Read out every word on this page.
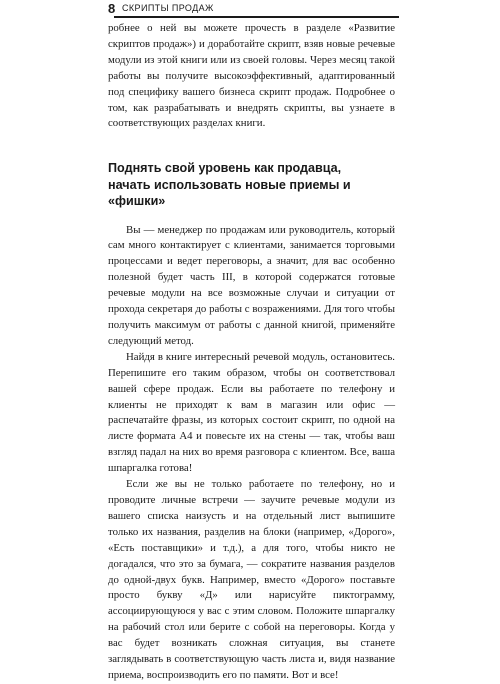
8 СКРИПТЫ ПРОДАЖ

робнее о ней вы можете прочесть в разделе «Развитие скриптов продаж») и доработайте скрипт, взяв новые речевые модули из этой книги или из своей головы. Через месяц такой работы вы получите высокоэффективный, адаптированный под специфику вашего бизнеса скрипт продаж. Подробнее о том, как разрабатывать и внедрять скрипты, вы узнаете в соответствующих разделах книги.

Поднять свой уровень как продавца,
начать использовать новые приемы и «фишки»

Вы — менеджер по продажам или руководитель, который сам много контактирует с клиентами, занимается торговыми процессами и ведет переговоры, а значит, для вас особенно полезной будет часть III, в которой содержатся готовые речевые модули на все возможные случаи и ситуации от прохода секретаря до работы с возражениями. Для того чтобы получить максимум от работы с данной книгой, применяйте следующий метод.

Найдя в книге интересный речевой модуль, остановитесь. Перепишите его таким образом, чтобы он соответствовал вашей сфере продаж. Если вы работаете по телефону и клиенты не приходят к вам в магазин или офис — распечатайте фразы, из которых состоит скрипт, по одной на листе формата А4 и повесьте их на стены — так, чтобы ваш взгляд падал на них во время разговора с клиентом. Все, ваша шпаргалка готова!

Если же вы не только работаете по телефону, но и проводите личные встречи — заучите речевые модули из вашего списка наизусть и на отдельный лист выпишите только их названия, разделив на блоки (например, «Дорого», «Есть поставщики» и т.д.), а для того, чтобы никто не догадался, что это за бумага, — сократите названия разделов до одной-двух букв. Например, вместо «Дорого» поставьте просто букву «Д» или нарисуйте пиктограмму, ассоциирующуюся у вас с этим словом. Положите шпаргалку на рабочий стол или берите с собой на переговоры. Когда у вас будет возникать сложная ситуация, вы станете заглядывать в соответствующую часть листа и, видя название приема, воспроизводить его по памяти. Вот и все!
